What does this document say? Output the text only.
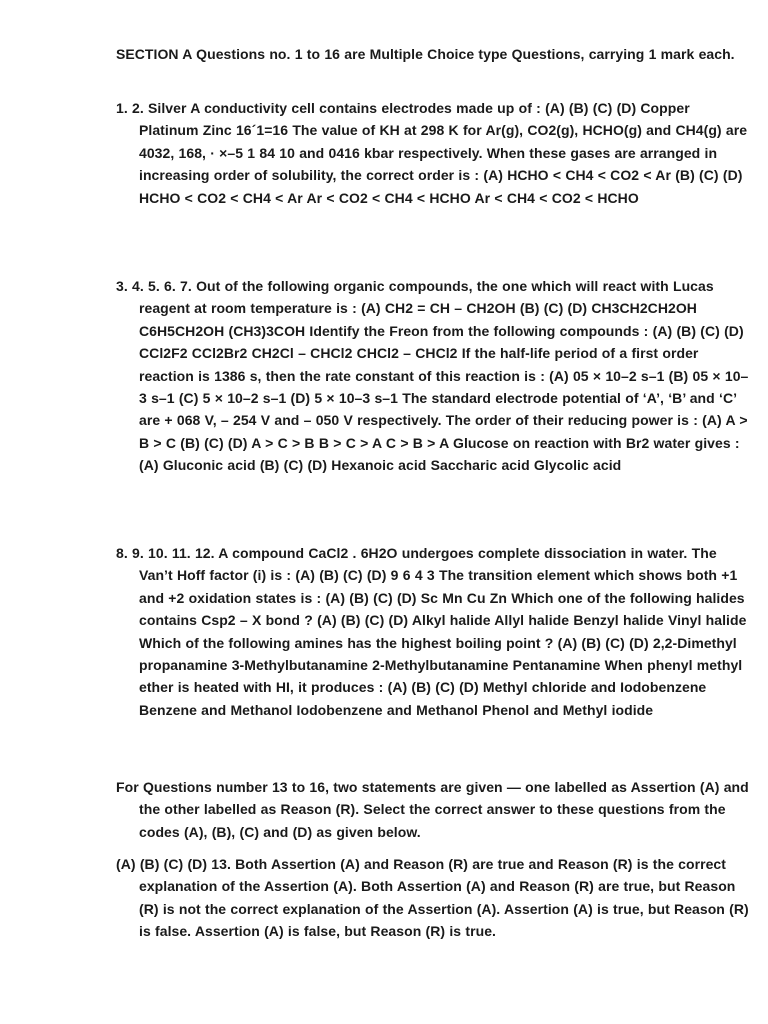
SECTION A Questions no. 1 to 16 are Multiple Choice type Questions, carrying 1 mark each.

1. 2. Silver A conductivity cell contains electrodes made up of : (A) (B) (C) (D) Copper Platinum Zinc 16´1=16 The value of KH at 298 K for Ar(g), CO2(g), HCHO(g) and CH4(g) are 4032, 168, · ×–5 1 84 10 and 0416 kbar respectively. When these gases are arranged in increasing order of solubility, the correct order is : (A) HCHO < CH4 < CO2 < Ar (B) (C) (D) HCHO < CO2 < CH4 < Ar Ar < CO2 < CH4 < HCHO Ar < CH4 < CO2 < HCHO

3. 4. 5. 6. 7. Out of the following organic compounds, the one which will react with Lucas reagent at room temperature is : (A) CH2 = CH – CH2OH (B) (C) (D) CH3CH2CH2OH C6H5CH2OH (CH3)3COH Identify the Freon from the following compounds : (A) (B) (C) (D) CCl2F2 CCl2Br2 CH2Cl – CHCl2 CHCl2 – CHCl2 If the half-life period of a first order reaction is 1386 s, then the rate constant of this reaction is : (A) 05 × 10–2 s–1 (B) 05 × 10–3 s–1 (C) 5 × 10–2 s–1 (D) 5 × 10–3 s–1 The standard electrode potential of ‘A’, ‘B’ and ‘C’ are + 068 V, – 254 V and – 050 V respectively. The order of their reducing power is : (A) A > B > C (B) (C) (D) A > C > B B > C > A C > B > A Glucose on reaction with Br2 water gives : (A) Gluconic acid (B) (C) (D) Hexanoic acid Saccharic acid Glycolic acid

8. 9. 10. 11. 12. A compound CaCl2 . 6H2O undergoes complete dissociation in water. The Van’t Hoff factor (i) is : (A) (B) (C) (D) 9 6 4 3 The transition element which shows both +1 and +2 oxidation states is : (A) (B) (C) (D) Sc Mn Cu Zn Which one of the following halides contains Csp2 – X bond ? (A) (B) (C) (D) Alkyl halide Allyl halide Benzyl halide Vinyl halide Which of the following amines has the highest boiling point ? (A) (B) (C) (D) 2,2-Dimethyl propanamine 3-Methylbutanamine 2-Methylbutanamine Pentanamine When phenyl methyl ether is heated with HI, it produces : (A) (B) (C) (D) Methyl chloride and Iodobenzene Benzene and Methanol Iodobenzene and Methanol Phenol and Methyl iodide

For Questions number 13 to 16, two statements are given — one labelled as Assertion (A) and the other labelled as Reason (R). Select the correct answer to these questions from the codes (A), (B), (C) and (D) as given below.

(A) (B) (C) (D) 13. Both Assertion (A) and Reason (R) are true and Reason (R) is the correct explanation of the Assertion (A). Both Assertion (A) and Reason (R) are true, but Reason (R) is not the correct explanation of the Assertion (A). Assertion (A) is true, but Reason (R) is false. Assertion (A) is false, but Reason (R) is true.
